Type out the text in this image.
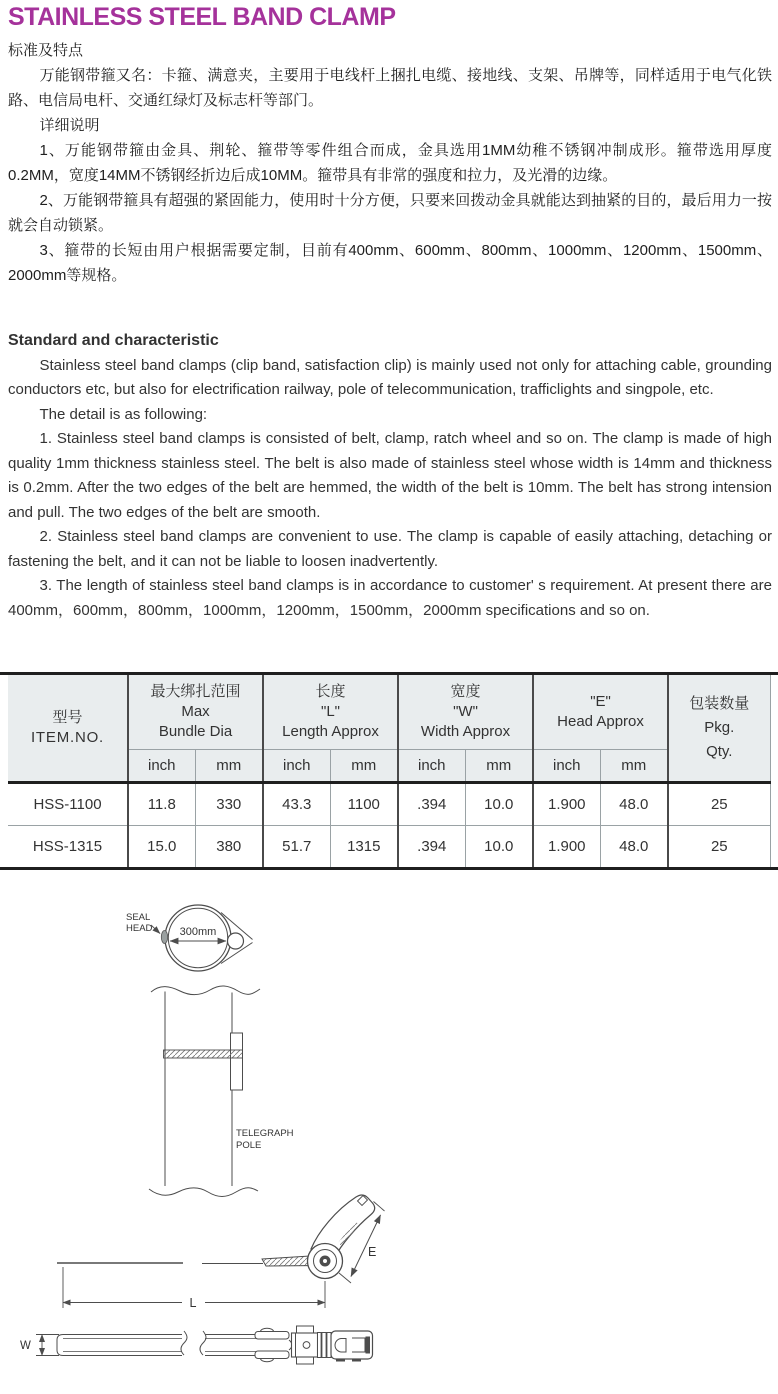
STAINLESS STEEL BAND CLAMP

标准及特点

万能钢带箍又名：卡箍、满意夹，主要用于电线杆上捆扎电缆、接地线、支架、吊牌等，同样适用于电气化铁路、电信局电杆、交通红绿灯及标志杆等部门。

详细说明

1、万能钢带箍由金具、荆轮、箍带等零件组合而成，金具选用1MM幼稚不锈钢冲制成形。箍带选用厚度0.2MM，宽度14MM不锈钢经折边后成10MM。箍带具有非常的强度和拉力，及光滑的边缘。

2、万能钢带箍具有超强的紧固能力，使用时十分方便，只要来回拨动金具就能达到抽紧的目的，最后用力一按就会自动锁紧。

3、箍带的长短由用户根据需要定制，目前有400mm、600mm、800mm、1000mm、1200mm、1500mm、2000mm等规格。

Standard and characteristic

Stainless steel band clamps (clip band, satisfaction clip) is mainly used not only for attaching cable, grounding conductors etc, but also for electrification railway, pole of telecommunication, trafficlights and singpole, etc.

The detail is as following:

1. Stainless steel band clamps is consisted of belt, clamp, ratch wheel and so on. The clamp is made of high quality 1mm thickness stainless steel. The belt is also made of stainless steel whose width is 14mm and thickness is 0.2mm. After the two edges of the belt are hemmed, the width of the belt is 10mm. The belt has strong intension and pull. The two edges of the belt are smooth.

2. Stainless steel band clamps are convenient to use. The clamp is capable of easily attaching, detaching or fastening the belt, and it can not be liable to loosen inadvertently.

3. The length of stainless steel band clamps is in accordance to customer' s requirement. At present there are 400mm，600mm，800mm，1000mm，1200mm，1500mm，2000mm specifications and so on.

型号
ITEM.NO.

最大绑扎范围
Max
Bundle Dia

长度
"L"
Length Approx

宽度
"W"
Width Approx

"E"
Head Approx

包装数量
Pkg.
Qty.

	inch	mm	inch	mm	inch	mm	inch	mm	
HSS-1100	11.8	330	43.3	1100	.394	10.0	1.900	48.0	25
HSS-1315	15.0	380	51.7	1315	.394	10.0	1.900	48.0	25
300mm
SEAL
HEAD
TELEGRAPH
POLE
E
L
W
